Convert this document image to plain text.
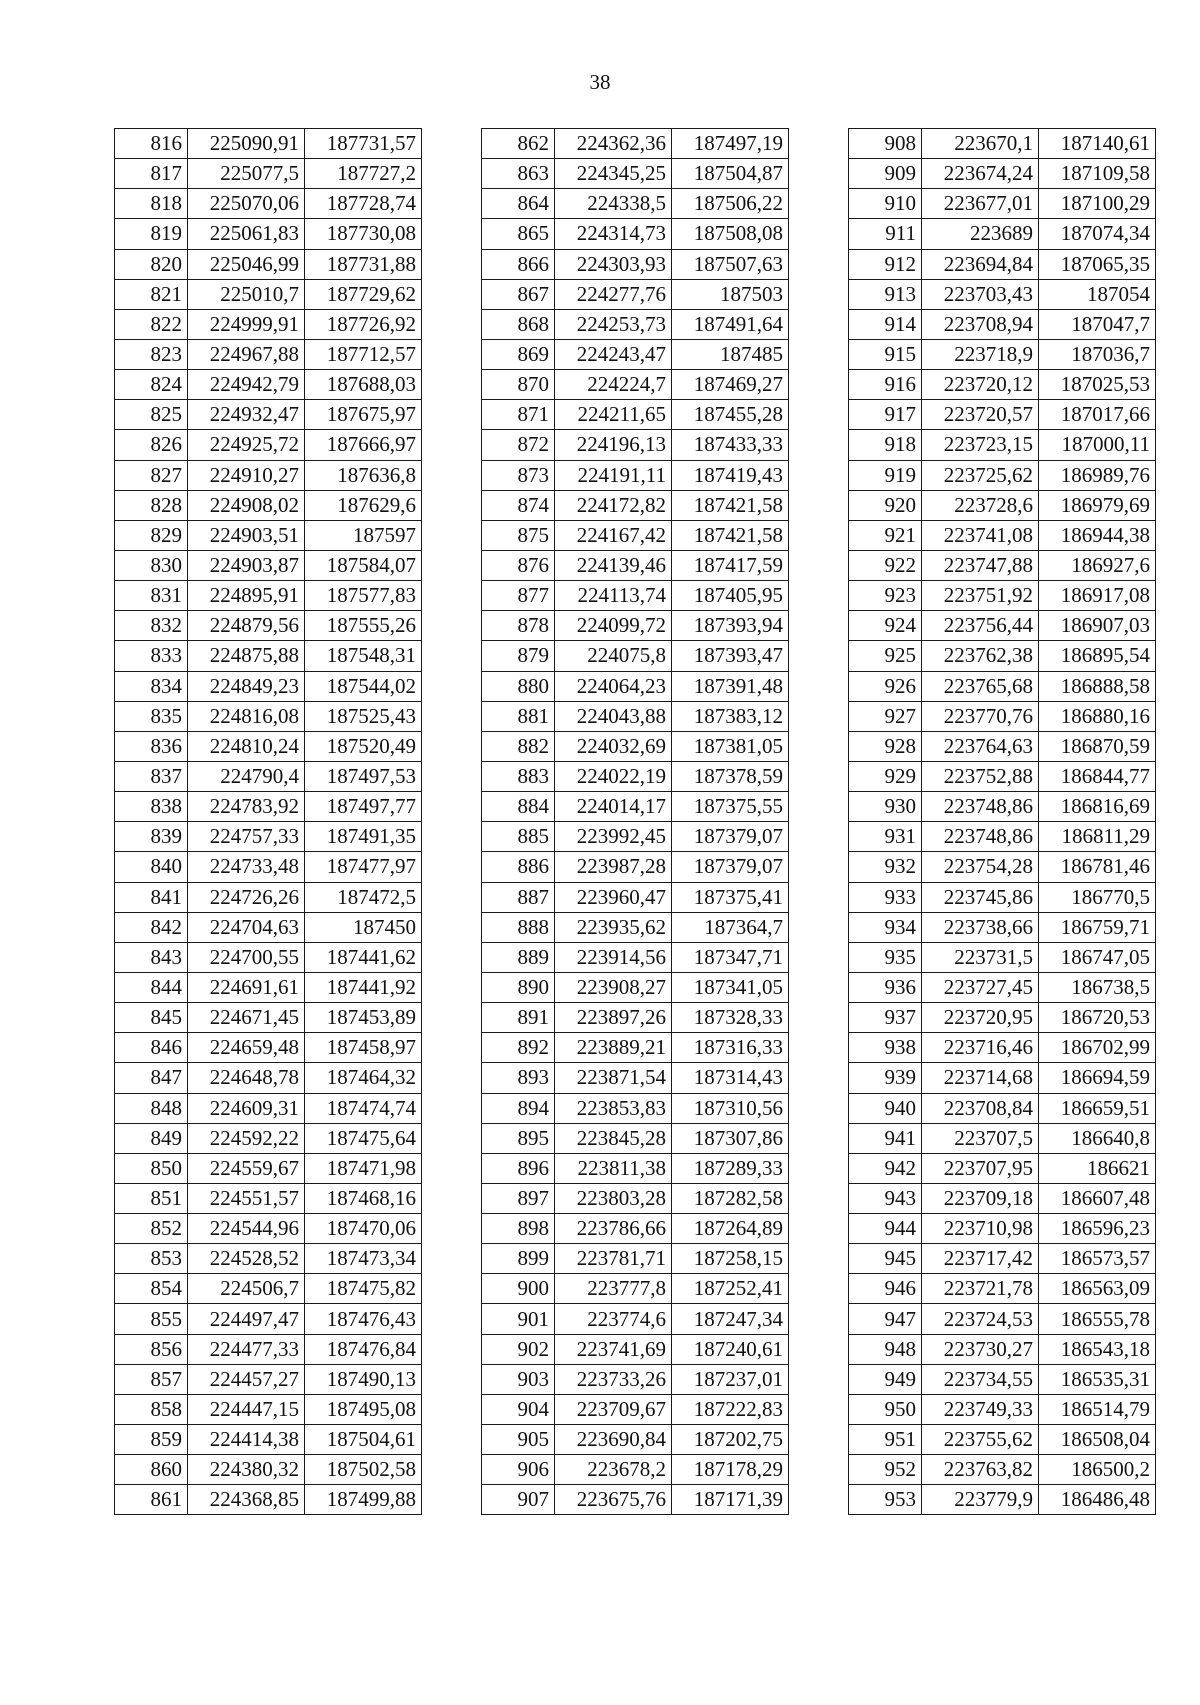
38
816	225090,91	187731,57
817	225077,5	187727,2
818	225070,06	187728,74
819	225061,83	187730,08
820	225046,99	187731,88
821	225010,7	187729,62
822	224999,91	187726,92
823	224967,88	187712,57
824	224942,79	187688,03
825	224932,47	187675,97
826	224925,72	187666,97
827	224910,27	187636,8
828	224908,02	187629,6
829	224903,51	187597
830	224903,87	187584,07
831	224895,91	187577,83
832	224879,56	187555,26
833	224875,88	187548,31
834	224849,23	187544,02
835	224816,08	187525,43
836	224810,24	187520,49
837	224790,4	187497,53
838	224783,92	187497,77
839	224757,33	187491,35
840	224733,48	187477,97
841	224726,26	187472,5
842	224704,63	187450
843	224700,55	187441,62
844	224691,61	187441,92
845	224671,45	187453,89
846	224659,48	187458,97
847	224648,78	187464,32
848	224609,31	187474,74
849	224592,22	187475,64
850	224559,67	187471,98
851	224551,57	187468,16
852	224544,96	187470,06
853	224528,52	187473,34
854	224506,7	187475,82
855	224497,47	187476,43
856	224477,33	187476,84
857	224457,27	187490,13
858	224447,15	187495,08
859	224414,38	187504,61
860	224380,32	187502,58
861	224368,85	187499,88
862	224362,36	187497,19
863	224345,25	187504,87
864	224338,5	187506,22
865	224314,73	187508,08
866	224303,93	187507,63
867	224277,76	187503
868	224253,73	187491,64
869	224243,47	187485
870	224224,7	187469,27
871	224211,65	187455,28
872	224196,13	187433,33
873	224191,11	187419,43
874	224172,82	187421,58
875	224167,42	187421,58
876	224139,46	187417,59
877	224113,74	187405,95
878	224099,72	187393,94
879	224075,8	187393,47
880	224064,23	187391,48
881	224043,88	187383,12
882	224032,69	187381,05
883	224022,19	187378,59
884	224014,17	187375,55
885	223992,45	187379,07
886	223987,28	187379,07
887	223960,47	187375,41
888	223935,62	187364,7
889	223914,56	187347,71
890	223908,27	187341,05
891	223897,26	187328,33
892	223889,21	187316,33
893	223871,54	187314,43
894	223853,83	187310,56
895	223845,28	187307,86
896	223811,38	187289,33
897	223803,28	187282,58
898	223786,66	187264,89
899	223781,71	187258,15
900	223777,8	187252,41
901	223774,6	187247,34
902	223741,69	187240,61
903	223733,26	187237,01
904	223709,67	187222,83
905	223690,84	187202,75
906	223678,2	187178,29
907	223675,76	187171,39
908	223670,1	187140,61
909	223674,24	187109,58
910	223677,01	187100,29
911	223689	187074,34
912	223694,84	187065,35
913	223703,43	187054
914	223708,94	187047,7
915	223718,9	187036,7
916	223720,12	187025,53
917	223720,57	187017,66
918	223723,15	187000,11
919	223725,62	186989,76
920	223728,6	186979,69
921	223741,08	186944,38
922	223747,88	186927,6
923	223751,92	186917,08
924	223756,44	186907,03
925	223762,38	186895,54
926	223765,68	186888,58
927	223770,76	186880,16
928	223764,63	186870,59
929	223752,88	186844,77
930	223748,86	186816,69
931	223748,86	186811,29
932	223754,28	186781,46
933	223745,86	186770,5
934	223738,66	186759,71
935	223731,5	186747,05
936	223727,45	186738,5
937	223720,95	186720,53
938	223716,46	186702,99
939	223714,68	186694,59
940	223708,84	186659,51
941	223707,5	186640,8
942	223707,95	186621
943	223709,18	186607,48
944	223710,98	186596,23
945	223717,42	186573,57
946	223721,78	186563,09
947	223724,53	186555,78
948	223730,27	186543,18
949	223734,55	186535,31
950	223749,33	186514,79
951	223755,62	186508,04
952	223763,82	186500,2
953	223779,9	186486,48
